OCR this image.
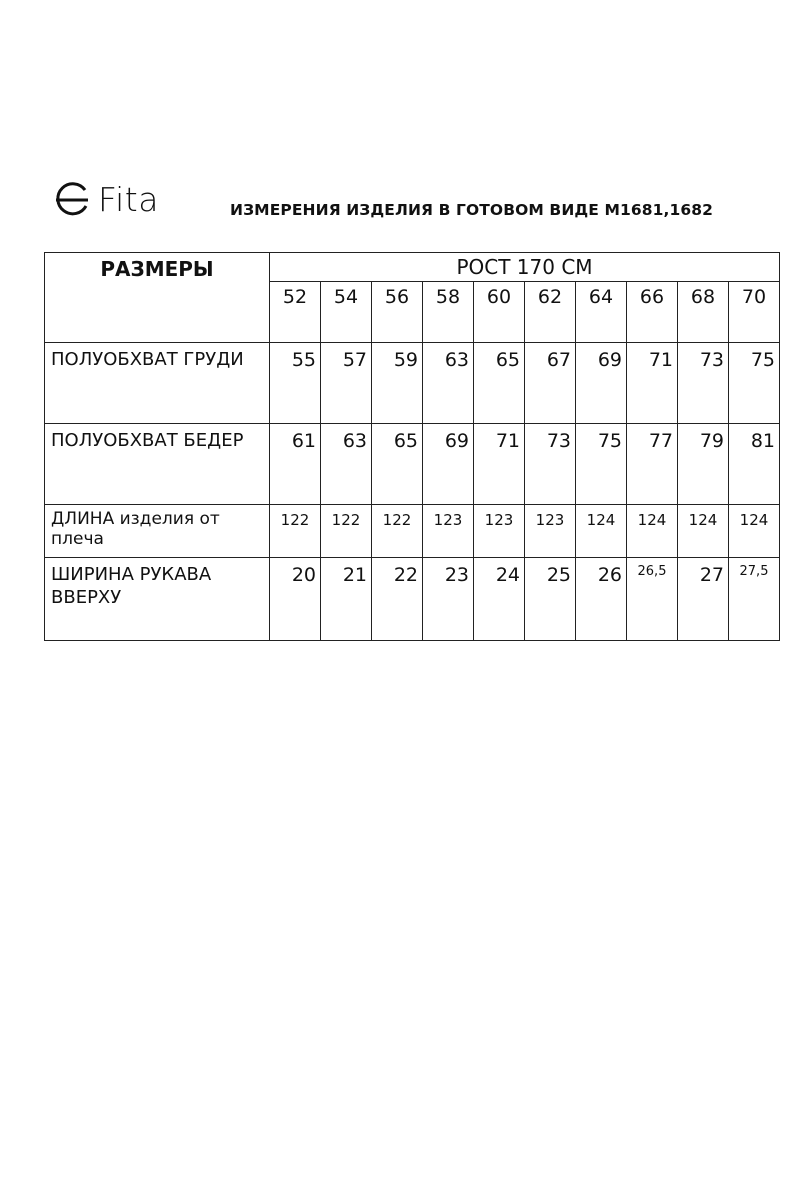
Fita	ИЗМЕРЕНИЯ ИЗДЕЛИЯ В ГОТОВОМ ВИДЕ М1681,1682
РАЗМЕРЫ	РОСТ 170 СМ									
	52	54	56	58	60	62	64	66	68	70
ПОЛУОБХВАТ ГРУДИ	55	57	59	63	65	67	69	71	73	75
ПОЛУОБХВАТ БЕДЕР	61	63	65	69	71	73	75	77	79	81
ДЛИНА изделия от плеча	122	122	122	123	123	123	124	124	124	124
ШИРИНА РУКАВА ВВЕРХУ	20	21	22	23	24	25	26	26,5	27	27,5
